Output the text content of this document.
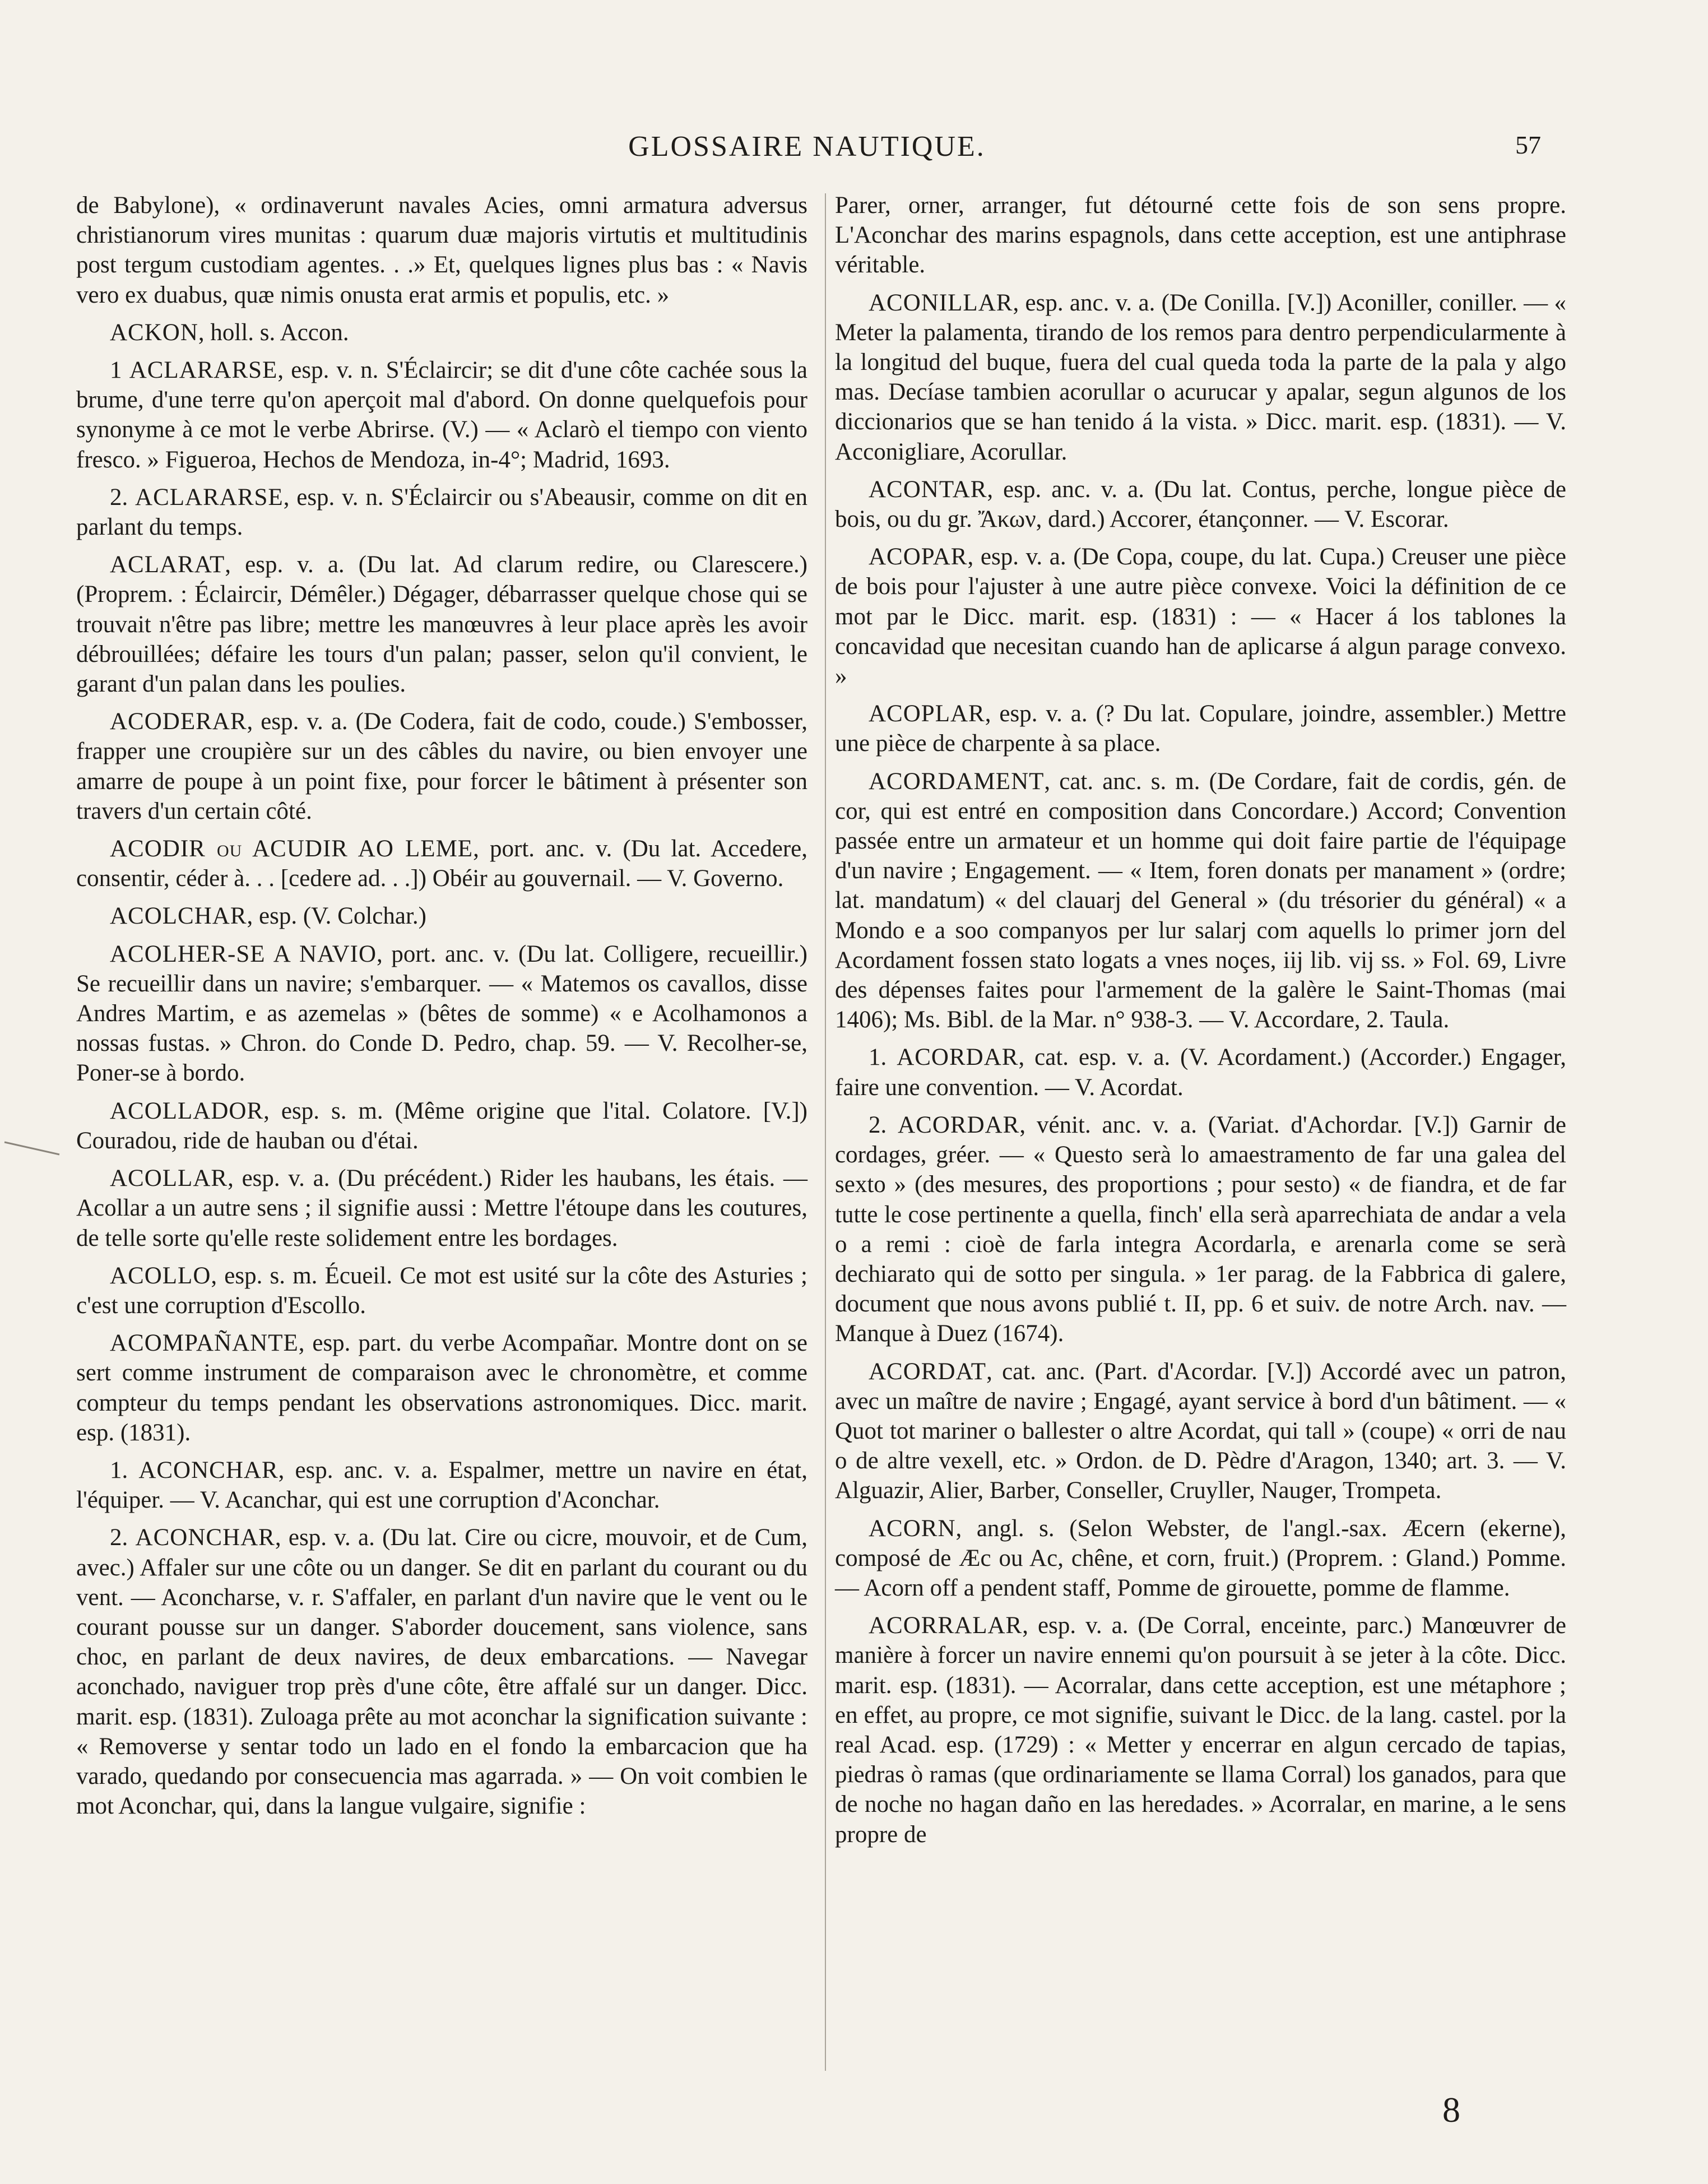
GLOSSAIRE NAUTIQUE.	57

de Babylone), « ordinaverunt navales Acies, omni armatura adversus christianorum vires munitas : quarum duæ majoris virtutis et multitudinis post tergum custodiam agentes. . .» Et, quelques lignes plus bas : « Navis vero ex duabus, quæ nimis onusta erat armis et populis, etc. »

ACKON, holl. s. Accon.

1 ACLARARSE, esp. v. n. S'Éclaircir; se dit d'une côte cachée sous la brume, d'une terre qu'on aperçoit mal d'abord. On donne quelquefois pour synonyme à ce mot le verbe Abrirse. (V.) — « Aclarò el tiempo con viento fresco. » Figueroa, Hechos de Mendoza, in-4°; Madrid, 1693.

2. ACLARARSE, esp. v. n. S'Éclaircir ou s'Abeausir, comme on dit en parlant du temps.

ACLARAT, esp. v. a. (Du lat. Ad clarum redire, ou Clarescere.) (Proprem. : Éclaircir, Démêler.) Dégager, débarrasser quelque chose qui se trouvait n'être pas libre; mettre les manœuvres à leur place après les avoir débrouillées; défaire les tours d'un palan; passer, selon qu'il convient, le garant d'un palan dans les poulies.

ACODERAR, esp. v. a. (De Codera, fait de codo, coude.) S'embosser, frapper une croupière sur un des câbles du navire, ou bien envoyer une amarre de poupe à un point fixe, pour forcer le bâtiment à présenter son travers d'un certain côté.

ACODIR ou ACUDIR AO LEME, port. anc. v. (Du lat. Accedere, consentir, céder à. . . [cedere ad. . .]) Obéir au gouvernail. — V. Governo.

ACOLCHAR, esp. (V. Colchar.)

ACOLHER-SE A NAVIO, port. anc. v. (Du lat. Colligere, recueillir.) Se recueillir dans un navire; s'embarquer. — « Matemos os cavallos, disse Andres Martim, e as azemelas » (bêtes de somme) « e Acolhamonos a nossas fustas. » Chron. do Conde D. Pedro, chap. 59. — V. Recolher-se, Poner-se à bordo.

ACOLLADOR, esp. s. m. (Même origine que l'ital. Colatore. [V.]) Couradou, ride de hauban ou d'étai.

ACOLLAR, esp. v. a. (Du précédent.) Rider les haubans, les étais. — Acollar a un autre sens ; il signifie aussi : Mettre l'étoupe dans les coutures, de telle sorte qu'elle reste solidement entre les bordages.

ACOLLO, esp. s. m. Écueil. Ce mot est usité sur la côte des Asturies ; c'est une corruption d'Escollo.

ACOMPAÑANTE, esp. part. du verbe Acompañar. Montre dont on se sert comme instrument de comparaison avec le chronomètre, et comme compteur du temps pendant les observations astronomiques. Dicc. marit. esp. (1831).

1. ACONCHAR, esp. anc. v. a. Espalmer, mettre un navire en état, l'équiper. — V. Acanchar, qui est une corruption d'Aconchar.

2. ACONCHAR, esp. v. a. (Du lat. Cire ou cicre, mouvoir, et de Cum, avec.) Affaler sur une côte ou un danger. Se dit en parlant du courant ou du vent. — Aconcharse, v. r. S'affaler, en parlant d'un navire que le vent ou le courant pousse sur un danger. S'aborder doucement, sans violence, sans choc, en parlant de deux navires, de deux embarcations. — Navegar aconchado, naviguer trop près d'une côte, être affalé sur un danger. Dicc. marit. esp. (1831). Zuloaga prête au mot aconchar la signification suivante : « Removerse y sentar todo un lado en el fondo la embarcacion que ha varado, quedando por consecuencia mas agarrada. » — On voit combien le mot Aconchar, qui, dans la langue vulgaire, signifie :

Parer, orner, arranger, fut détourné cette fois de son sens propre. L'Aconchar des marins espagnols, dans cette acception, est une antiphrase véritable.

ACONILLAR, esp. anc. v. a. (De Conilla. [V.]) Aconiller, coniller. — « Meter la palamenta, tirando de los remos para dentro perpendicularmente à la longitud del buque, fuera del cual queda toda la parte de la pala y algo mas. Decíase tambien acorullar o acurucar y apalar, segun algunos de los diccionarios que se han tenido á la vista. » Dicc. marit. esp. (1831). — V. Acconigliare, Acorullar.

ACONTAR, esp. anc. v. a. (Du lat. Contus, perche, longue pièce de bois, ou du gr. Ἄκων, dard.) Accorer, étançonner. — V. Escorar.

ACOPAR, esp. v. a. (De Copa, coupe, du lat. Cupa.) Creuser une pièce de bois pour l'ajuster à une autre pièce convexe. Voici la définition de ce mot par le Dicc. marit. esp. (1831) : — « Hacer á los tablones la concavidad que necesitan cuando han de aplicarse á algun parage convexo. »

ACOPLAR, esp. v. a. (? Du lat. Copulare, joindre, assembler.) Mettre une pièce de charpente à sa place.

ACORDAMENT, cat. anc. s. m. (De Cordare, fait de cordis, gén. de cor, qui est entré en composition dans Concordare.) Accord; Convention passée entre un armateur et un homme qui doit faire partie de l'équipage d'un navire ; Engagement. — « Item, foren donats per manament » (ordre; lat. mandatum) « del clauarj del General » (du trésorier du général) « a Mondo e a soo companyos per lur salarj com aquells lo primer jorn del Acordament fossen stato logats a vnes noçes, iij lib. vij ss. » Fol. 69, Livre des dépenses faites pour l'armement de la galère le Saint-Thomas (mai 1406); Ms. Bibl. de la Mar. n° 938-3. — V. Accordare, 2. Taula.

1. ACORDAR, cat. esp. v. a. (V. Acordament.) (Accorder.) Engager, faire une convention. — V. Acordat.

2. ACORDAR, vénit. anc. v. a. (Variat. d'Achordar. [V.]) Garnir de cordages, gréer. — « Questo serà lo amaestramento de far una galea del sexto » (des mesures, des proportions ; pour sesto) « de fiandra, et de far tutte le cose pertinente a quella, finch' ella serà aparrechiata de andar a vela o a remi : cioè de farla integra Acordarla, e arenarla come se serà dechiarato qui de sotto per singula. » 1er parag. de la Fabbrica di galere, document que nous avons publié t. II, pp. 6 et suiv. de notre Arch. nav. — Manque à Duez (1674).

ACORDAT, cat. anc. (Part. d'Acordar. [V.]) Accordé avec un patron, avec un maître de navire ; Engagé, ayant service à bord d'un bâtiment. — « Quot tot mariner o ballester o altre Acordat, qui tall » (coupe) « orri de nau o de altre vexell, etc. » Ordon. de D. Pèdre d'Aragon, 1340; art. 3. — V. Alguazir, Alier, Barber, Conseller, Cruyller, Nauger, Trompeta.

ACORN, angl. s. (Selon Webster, de l'angl.-sax. Æcern (ekerne), composé de Æc ou Ac, chêne, et corn, fruit.) (Proprem. : Gland.) Pomme. — Acorn off a pendent staff, Pomme de girouette, pomme de flamme.

ACORRALAR, esp. v. a. (De Corral, enceinte, parc.) Manœuvrer de manière à forcer un navire ennemi qu'on poursuit à se jeter à la côte. Dicc. marit. esp. (1831). — Acorralar, dans cette acception, est une métaphore ; en effet, au propre, ce mot signifie, suivant le Dicc. de la lang. castel. por la real Acad. esp. (1729) : « Metter y encerrar en algun cercado de tapias, piedras ò ramas (que ordinariamente se llama Corral) los ganados, para que de noche no hagan daño en las heredades. » Acorralar, en marine, a le sens propre de

8
